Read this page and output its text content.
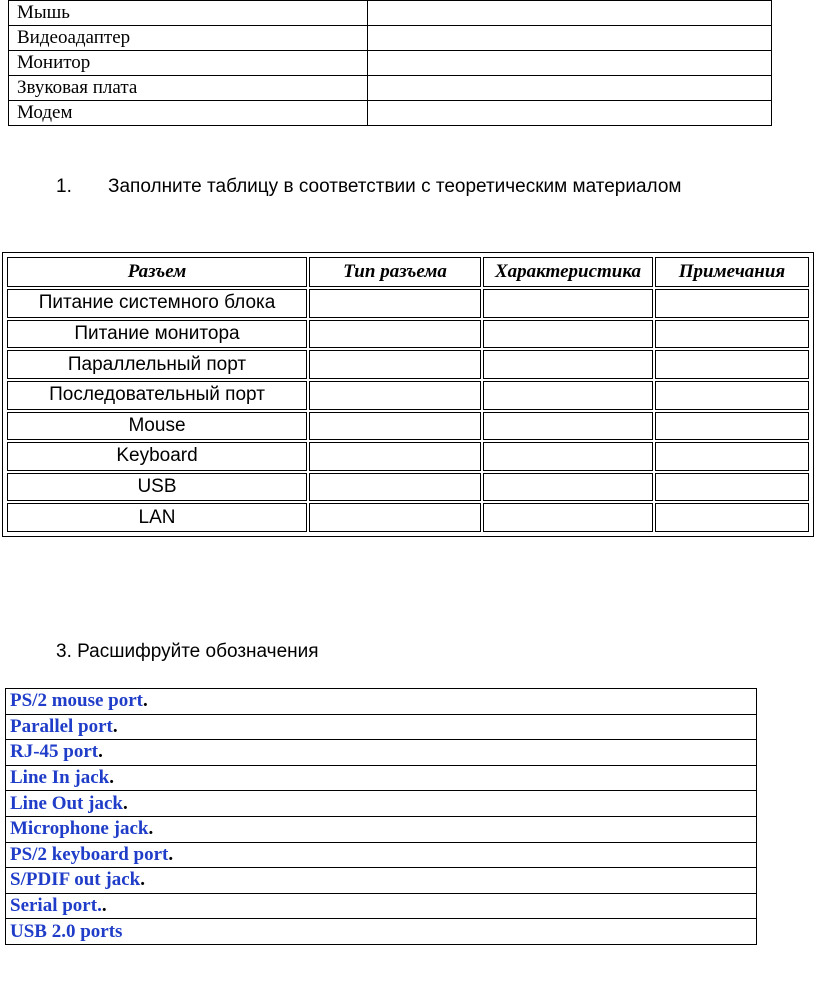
Мышь	
Видеоадаптер	
Монитор	
Звуковая плата	
Модем	
1. Заполните таблицу в соответствии с теоретическим материалом
Разъем	Тип разъема	Характеристика	Примечания
Питание системного блока			
Питание монитора			
Параллельный порт			
Последовательный порт			
Mouse			
Keyboard			
USB			
LAN			
3. Расшифруйте обозначения
PS/2 mouse port.
Parallel port.
RJ-45 port.
Line In jack.
Line Out jack.
Microphone jack.
PS/2 keyboard port.
S/PDIF out jack.
Serial port..
USB 2.0 ports
